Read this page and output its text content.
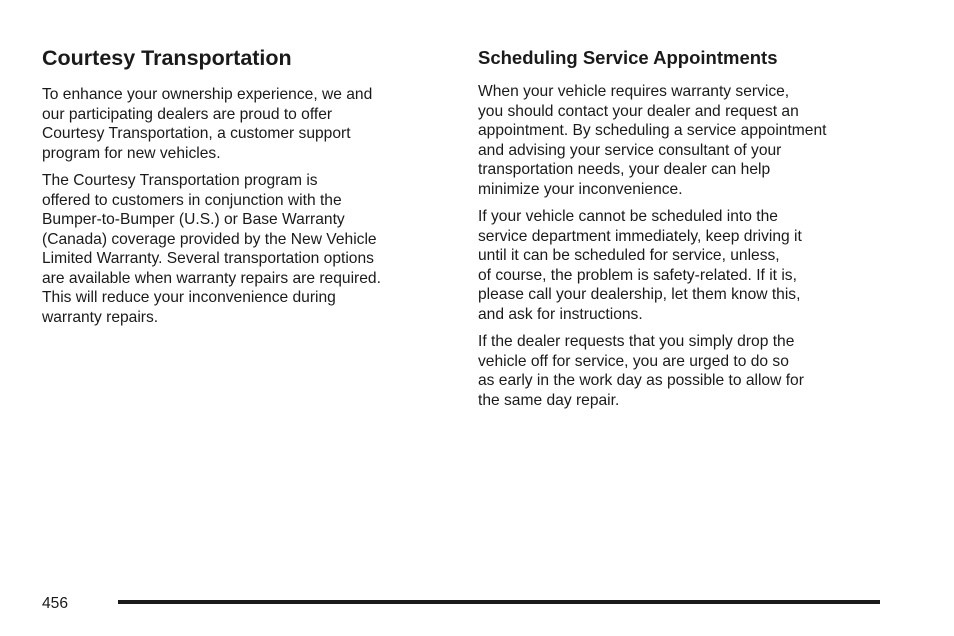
Courtesy Transportation

To enhance your ownership experience, we and
our participating dealers are proud to offer
Courtesy Transportation, a customer support
program for new vehicles.

The Courtesy Transportation program is
offered to customers in conjunction with the
Bumper-to-Bumper (U.S.) or Base Warranty
(Canada) coverage provided by the New Vehicle
Limited Warranty. Several transportation options
are available when warranty repairs are required.
This will reduce your inconvenience during
warranty repairs.

Scheduling Service Appointments

When your vehicle requires warranty service,
you should contact your dealer and request an
appointment. By scheduling a service appointment
and advising your service consultant of your
transportation needs, your dealer can help
minimize your inconvenience.

If your vehicle cannot be scheduled into the
service department immediately, keep driving it
until it can be scheduled for service, unless,
of course, the problem is safety-related. If it is,
please call your dealership, let them know this,
and ask for instructions.

If the dealer requests that you simply drop the
vehicle off for service, you are urged to do so
as early in the work day as possible to allow for
the same day repair.

456
